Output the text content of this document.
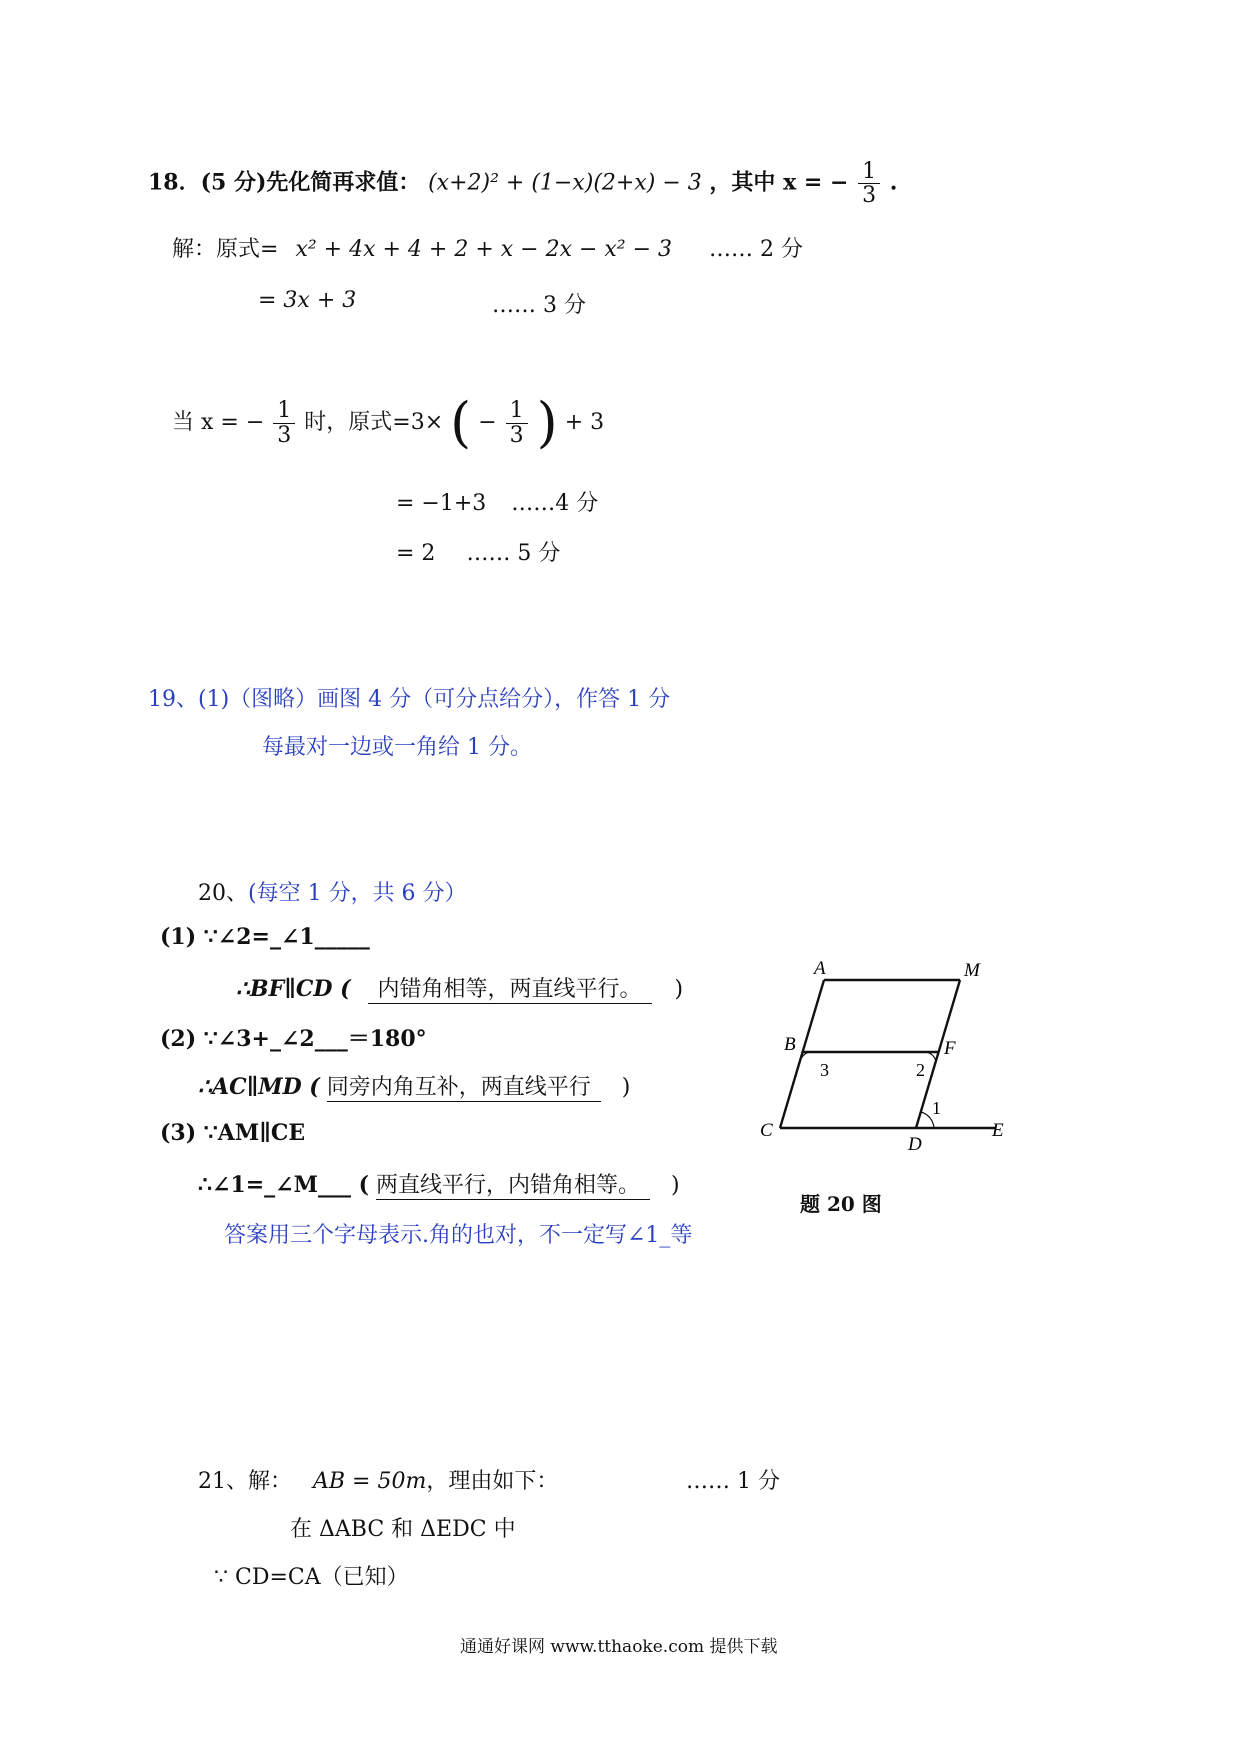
18．(5 分)先化简再求值： (x+2)² + (1−x)(2+x) − 3 ，其中 x = − $\frac{1}{3}$ .
解：原式= x² + 4x + 4 + 2 + x − 2x − x² − 3 …… 2 分
= 3x + 3	…… 3 分
当 x = − $\frac{1}{3}$ 时，原式=3× ( − $\frac{1}{3}$ ) + 3
= −1+3 ……4 分
= 2 …… 5 分
19、(1)（图略）画图 4 分（可分点给分），作答 1 分
每最对一边或一角给 1 分。
20、(每空 1 分，共 6 分）
(1) ∵∠2=_∠1_____
∴BF∥CD ( 内错角相等，两直线平行。 )
(2) ∵∠3+_∠2___＝180°
∴AC∥MD ( 同旁内角互补，两直线平行 )
(3) ∵AM∥CE
∴∠1=_∠M___ ( 两直线平行，内错角相等。 )
答案用三个字母表示.角的也对，不一定写∠1_等
A	M
B	F
C
D
E
1
2
3
题 20 图
21、解： AB = 50m，理由如下：	…… 1 分
在 ΔABC 和 ΔEDC 中
∵ CD=CA（已知）
通通好课网 www.tthaoke.com 提供下载
